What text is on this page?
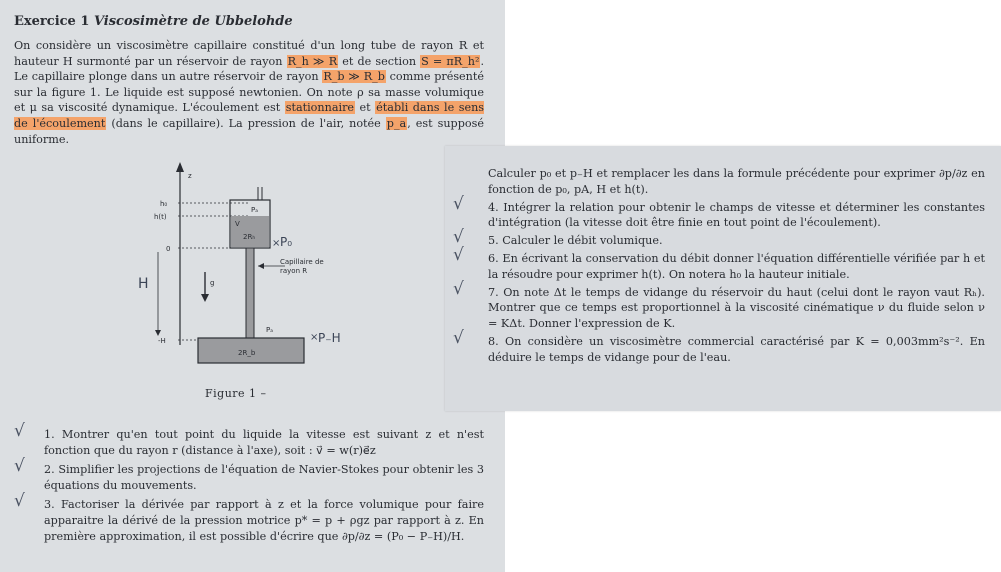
Exercice 1 Viscosimètre de Ubbelohde
On considère un viscosimètre capillaire constitué d'un long tube de rayon R et hauteur H surmonté par un réservoir de rayon R_h ≫ R et de section S = πR_h². Le capillaire plonge dans un autre réservoir de rayon R_b ≫ R_b comme présenté sur la figure 1. Le liquide est supposé newtonien. On note ρ sa masse volumique et μ sa viscosité dynamique. L'écoulement est stationnaire et établi dans le sens de l'écoulement (dans le capillaire). La pression de l'air, notée p_a, est supposé uniforme.
z
h₀
h(t)
0
-H
H	g
Pₐ
V
2Rₕ
Pₐ
2R_b
Capillaire de
rayon R
× P₀
× P₋H
Figure 1 –
√ 1. Montrer qu'en tout point du liquide la vitesse est suivant z et n'est fonction que du rayon r (distance à l'axe), soit : v⃗ = w(r)e⃗z
√ 2. Simplifier les projections de l'équation de Navier-Stokes pour obtenir les 3 équations du mouvements.
√ 3. Factoriser la dérivée par rapport à z et la force volumique pour faire apparaitre la dérivé de la pression motrice p* = p + ρgz par rapport à z. En première approximation, il est possible d'écrire que ∂p/∂z = (P₀ − P₋H)/H.
Calculer p₀ et p₋H et remplacer les dans la formule précédente pour exprimer ∂p/∂z en fonction de p₀, pA, H et h(t).
√ 4. Intégrer la relation pour obtenir le champs de vitesse et déterminer les constantes d'intégration (la vitesse doit être finie en tout point de l'écoulement).
√ 5. Calculer le débit volumique.
√ 6. En écrivant la conservation du débit donner l'équation différentielle vérifiée par h et la résoudre pour exprimer h(t). On notera h₀ la hauteur initiale.
√ 7. On note Δt le temps de vidange du réservoir du haut (celui dont le rayon vaut Rₕ). Montrer que ce temps est proportionnel à la viscosité cinématique ν du fluide selon ν = KΔt. Donner l'expression de K.
√ 8. On considère un viscosimètre commercial caractérisé par K = 0,003mm²s⁻². En déduire le temps de vidange pour de l'eau.
